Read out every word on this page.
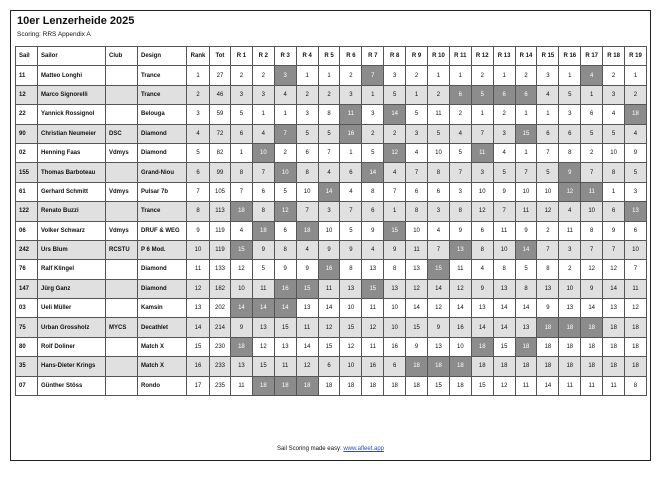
10er Lenzerheide 2025
Scoring: RRS Appendix A
Sail	Sailor	Club	Design	Rank	Tot	R 1	R 2	R 3	R 4	R 5	R 6	R 7	R 8	R 9	R 10	R 11	R 12	R 13	R 14	R 15	R 16	R 17	R 18	R 19
11	Matteo Longhi		Trance	1	27	2	2	3	1	1	2	7	3	2	1	1	2	1	2	3	1	4	2	1
12	Marco Signorelli		Trance	2	46	3	3	4	2	2	3	1	5	1	2	6	5	6	6	4	5	1	3	2
22	Yannick Rossignol		Belouga	3	59	5	1	1	3	8	11	3	14	5	11	2	1	2	1	1	3	6	4	18
90	Christian Neumeier	DSC	Diamond	4	72	6	4	7	5	5	16	2	2	3	5	4	7	3	15	6	6	5	5	4
02	Henning Faas	Vdmys	Diamond	5	82	1	10	2	6	7	1	5	12	4	10	5	11	4	1	7	8	2	10	9
155	Thomas Barboteau		Grand-Niou	6	99	8	7	10	8	4	6	14	4	7	8	7	3	5	7	5	9	7	8	5
61	Gerhard Schmitt	Vdmys	Pulsar 7b	7	105	7	6	5	10	14	4	8	7	6	6	3	10	9	10	10	12	11	1	3
122	Renato Buzzi		Trance	8	113	18	8	12	7	3	7	6	1	8	3	8	12	7	11	12	4	10	6	13
06	Volker Schwarz	Vdmys	DRUF & WEG	9	119	4	18	6	18	10	5	9	15	10	4	9	6	11	9	2	11	8	9	6
242	Urs Blum	RCSTU	P 6 Mod.	10	119	15	9	8	4	9	9	4	9	11	7	13	8	10	14	7	3	7	7	10
76	Ralf Klingel		Diamond	11	133	12	5	9	9	16	8	13	8	13	15	11	4	8	5	8	2	12	12	7
147	Jürg Ganz		Diamond	12	182	10	11	16	15	11	13	15	13	12	14	12	9	13	8	13	10	9	14	11
03	Ueli Müller		Kamsin	13	202	14	14	14	13	14	10	11	10	14	12	14	13	14	14	9	13	14	13	12
75	Urban Grossholz	MYCS	Decathlet	14	214	9	13	15	11	12	15	12	10	15	9	16	14	14	13	18	18	18	18	18
80	Rolf Doliner		Match X	15	230	18	12	13	14	15	12	11	16	9	13	10	18	15	18	18	18	18	18	18
35	Hans-Dieter Krings		Match X	16	233	13	15	11	12	6	10	16	6	18	18	18	18	18	18	18	18	18	18	18
07	Günther Stöss		Rondo	17	235	11	18	18	18	18	18	18	18	18	15	18	15	12	11	14	11	11	11	8
Sail Scoring made easy: www.afleet.app
